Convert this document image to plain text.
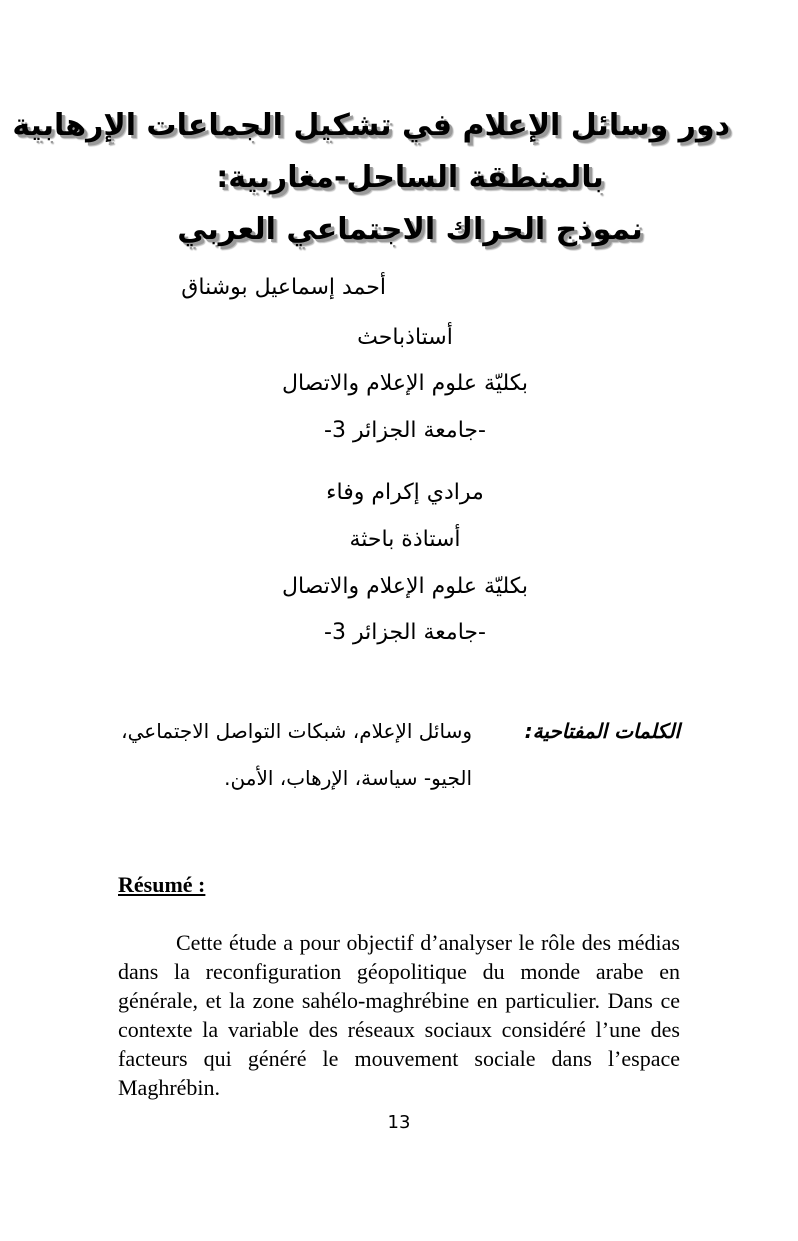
دور وسائل الإعلام في تشكيل الجماعات الإرهابية
بالمنطقة الساحل-مغاربية:
نموذج الحراك الاجتماعي العربي
أحمد إسماعيل بوشناق
أستاذباحث
بكليّة علوم الإعلام والاتصال
-جامعة الجزائر 3-
مرادي إكرام وفاء
أستاذة باحثة
بكليّة علوم الإعلام والاتصال
-جامعة الجزائر 3-
الكلمات المفتاحية:
وسائل الإعلام، شبكات التواصل الاجتماعي، الجيو- سياسة، الإرهاب، الأمن.
Résumé :

Cette étude a pour objectif d’analyser le rôle des médias dans la reconfiguration géopolitique du monde arabe en générale, et la zone sahélo-maghrébine en particulier. Dans ce contexte la variable des réseaux sociaux considéré l’une des facteurs qui généré le mouvement sociale dans l’espace Maghrébin.

13
